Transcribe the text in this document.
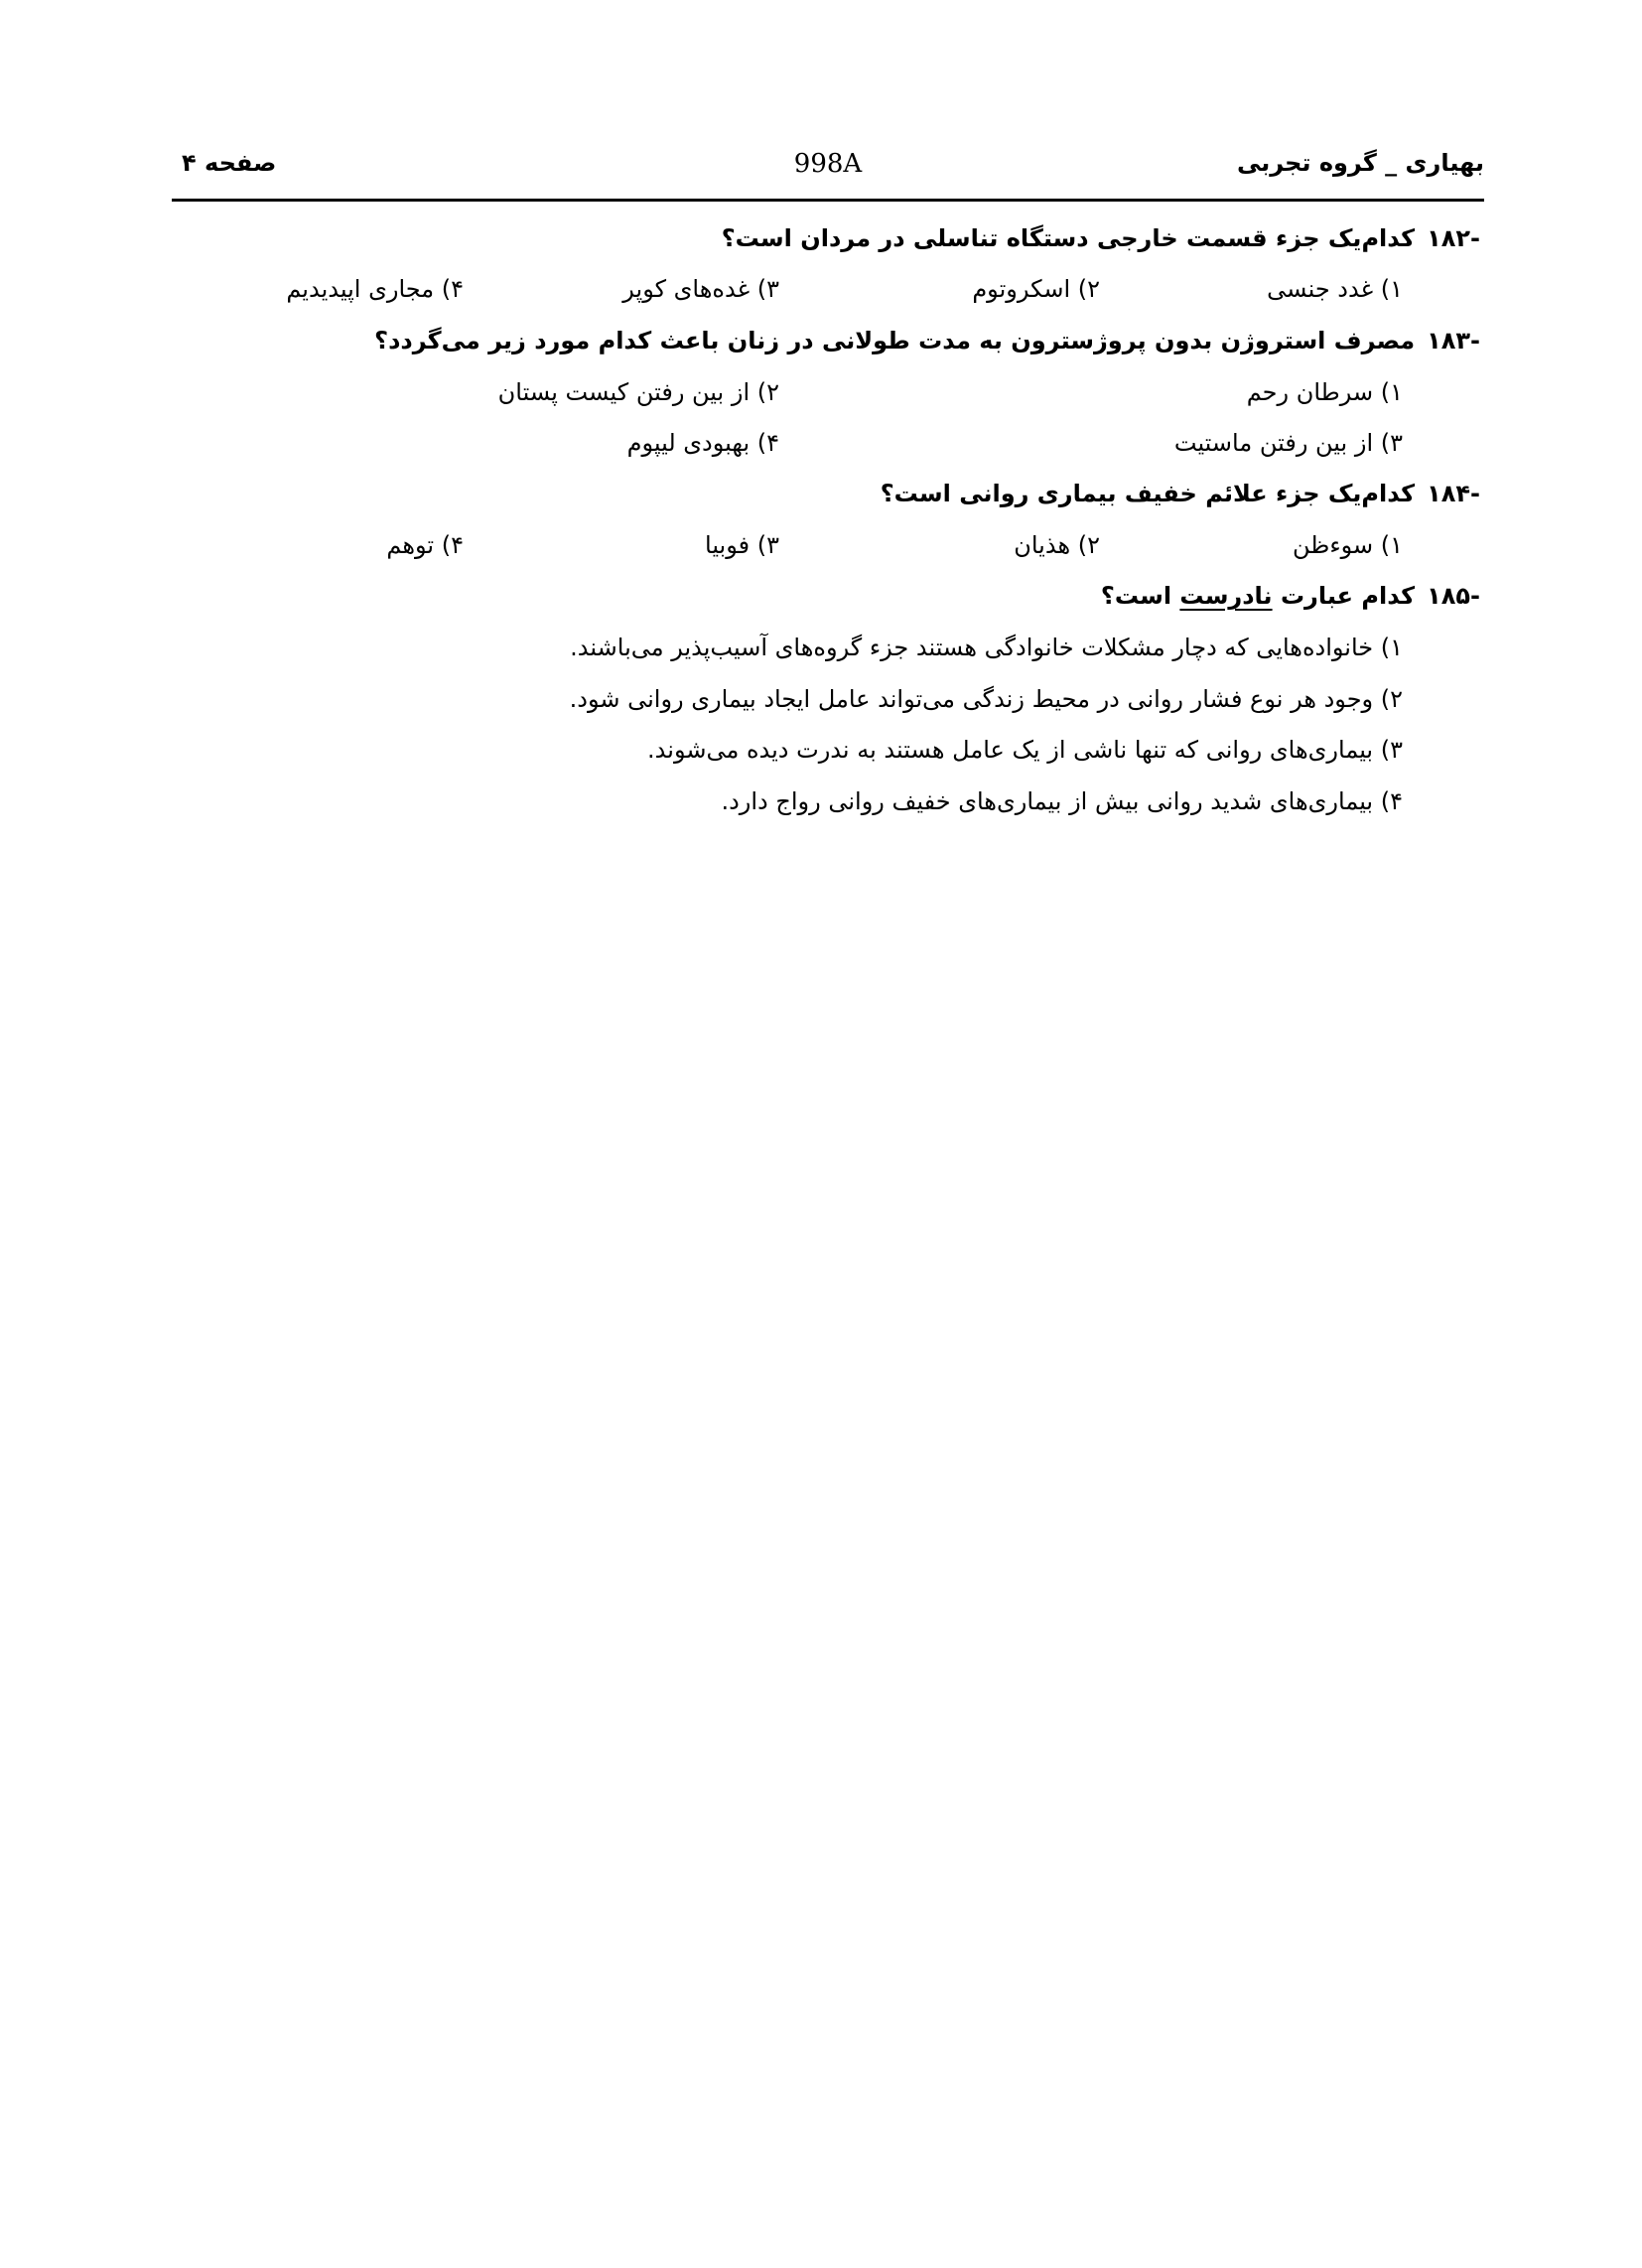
بهیاری _ گروه تجربی
998A
صفحه ۴
-۱۸۲کدام‌یک جزء قسمت خارجی دستگاه تناسلی در مردان است؟
۱) غدد جنسی
۲) اسکروتوم
۳) غده‌های کوپر
۴) مجاری اپیدیدیم
-۱۸۳مصرف استروژن بدون پروژسترون به مدت طولانی در زنان باعث کدام مورد زیر می‌گردد؟
۱) سرطان رحم
۲) از بین رفتن کیست پستان
۳) از بین رفتن ماستیت
۴) بهبودی لیپوم
-۱۸۴کدام‌یک جزء علائم خفیف بیماری روانی است؟
۱) سوءظن
۲) هذیان
۳) فوبیا
۴) توهم
-۱۸۵کدام عبارت نادرست است؟
۱) خانواده‌هایی که دچار مشکلات خانوادگی هستند جزء گروه‌های آسیب‌پذیر می‌باشند.
۲) وجود هر نوع فشار روانی در محیط زندگی می‌تواند عامل ایجاد بیماری روانی شود.
۳) بیماری‌های روانی که تنها ناشی از یک عامل هستند به ندرت دیده می‌شوند.
۴) بیماری‌های شدید روانی بیش از بیماری‌های خفیف روانی رواج دارد.
